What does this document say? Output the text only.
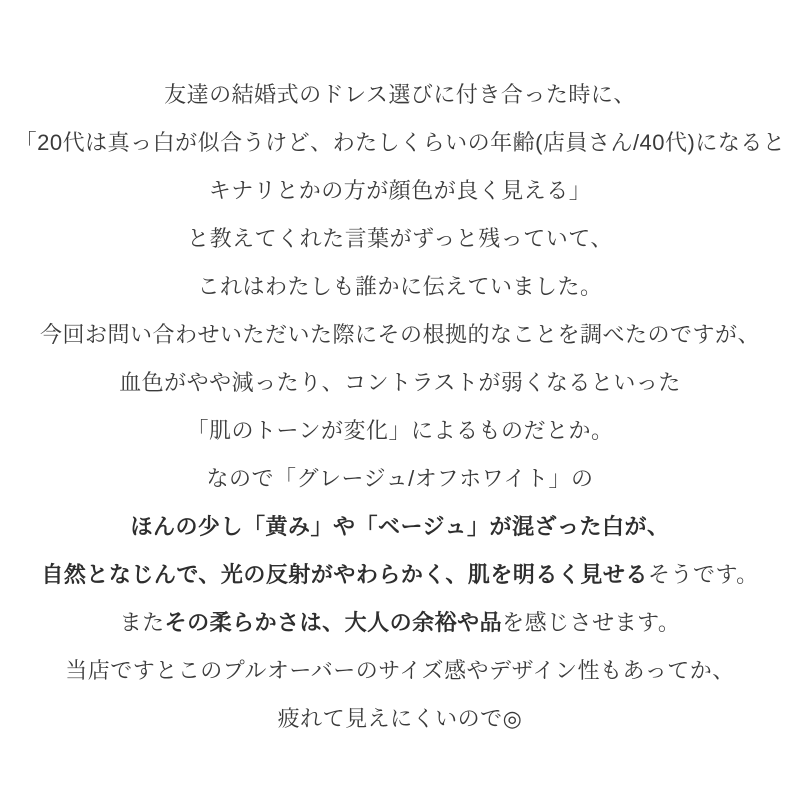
友達の結婚式のドレス選びに付き合った時に、

「20代は真っ白が似合うけど、わたしくらいの年齢(店員さん/40代)になると

キナリとかの方が顔色が良く見える」

と教えてくれた言葉がずっと残っていて、

これはわたしも誰かに伝えていました。

今回お問い合わせいただいた際にその根拠的なことを調べたのですが、

血色がやや減ったり、コントラストが弱くなるといった

「肌のトーンが変化」によるものだとか。

なので「グレージュ/オフホワイト」の

ほんの少し「黄み」や「ベージュ」が混ざった白が、

自然となじんで、光の反射がやわらかく、肌を明るく見せるそうです。

またその柔らかさは、大人の余裕や品を感じさせます。

当店ですとこのプルオーバーのサイズ感やデザイン性もあってか、

疲れて見えにくいので◎
